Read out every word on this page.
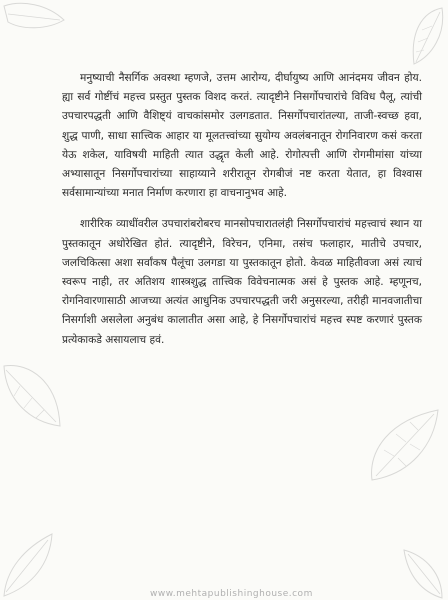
मनुष्याची नैसर्गिक अवस्था म्हणजे, उत्तम आरोग्य, दीर्घायुष्य आणि आनंदमय जीवन होय. ह्या सर्व गोष्टींचं महत्त्व प्रस्तुत पुस्तक विशद करतं. त्यादृष्टीने निसर्गोपचारांचे विविध पैलू, त्यांची उपचारपद्धती आणि वैशिष्ट्यं वाचकांसमोर उलगडतात. निसर्गोपचारांतल्या, ताजी-स्वच्छ हवा, शुद्ध पाणी, साधा सात्त्विक आहार या मूलतत्त्वांच्या सुयोग्य अवलंबनातून रोगनिवारण कसं करता येऊ शकेल, याविषयी माहिती त्यात उद्धृत केली आहे. रोगोत्पत्ती आणि रोगमीमांसा यांच्या अभ्यासातून निसर्गोपचारांच्या साहाय्याने शरीरातून रोगबीजं नष्ट करता येतात, हा विश्वास सर्वसामान्यांच्या मनात निर्माण करणारा हा वाचनानुभव आहे.

शारीरिक व्याधींवरील उपचारांबरोबरच मानसोपचारातलंही निसर्गोपचारांचं महत्त्वाचं स्थान या पुस्तकातून अधोरेखित होतं. त्यादृष्टीने, विरेचन, एनिमा, तसंच फलाहार, मातीचे उपचार, जलचिकित्सा अशा सर्वांकष पैलूंचा उलगडा या पुस्तकातून होतो. केवळ माहितीवजा असं त्याचं स्वरूप नाही, तर अतिशय शास्त्रशुद्ध तात्त्विक विवेचनात्मक असं हे पुस्तक आहे. म्हणूनच, रोगनिवारणासाठी आजच्या अत्यंत आधुनिक उपचारपद्धती जरी अनुसरल्या, तरीही मानवजातीचा निसर्गाशी असलेला अनुबंध कालातीत असा आहे, हे निसर्गोपचारांचं महत्त्व स्पष्ट करणारं पुस्तक प्रत्येकाकडे असायलाच हवं.

www.mehtapublishinghouse.com
